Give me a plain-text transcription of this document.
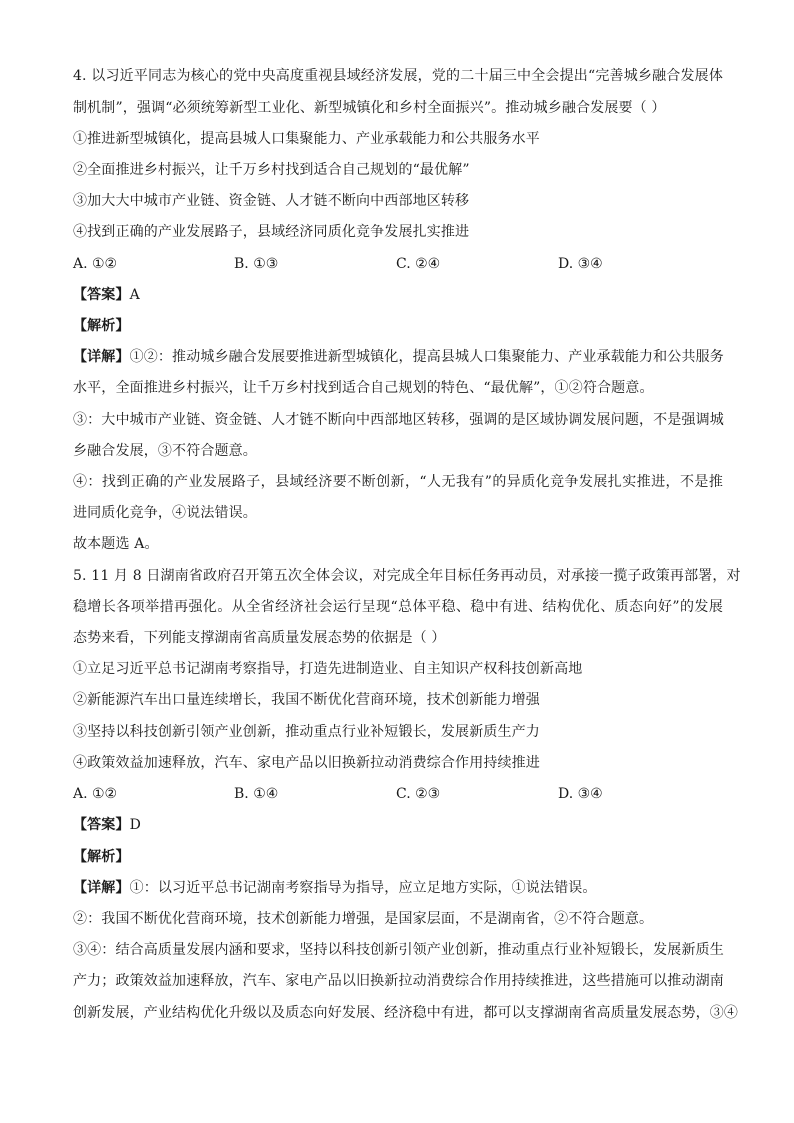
4. 以习近平同志为核心的党中央高度重视县域经济发展，党的二十届三中全会提出“完善城乡融合发展体
制机制”，强调“必须统筹新型工业化、新型城镇化和乡村全面振兴”。推动城乡融合发展要（ ）
①推进新型城镇化，提高县城人口集聚能力、产业承载能力和公共服务水平
②全面推进乡村振兴，让千万乡村找到适合自己规划的“最优解”
③加大大中城市产业链、资金链、人才链不断向中西部地区转移
④找到正确的产业发展路子，县域经济同质化竞争发展扎实推进
A. ①②	B. ①③	C. ②④	D. ③④
【答案】A
【解析】
【详解】①②：推动城乡融合发展要推进新型城镇化，提高县城人口集聚能力、产业承载能力和公共服务
水平，全面推进乡村振兴，让千万乡村找到适合自己规划的特色、“最优解”，①②符合题意。
③：大中城市产业链、资金链、人才链不断向中西部地区转移，强调的是区域协调发展问题，不是强调城
乡融合发展，③不符合题意。
④：找到正确的产业发展路子，县域经济要不断创新，“人无我有”的异质化竞争发展扎实推进，不是推
进同质化竞争，④说法错误。
故本题选 A。
5. 11 月 8 日湖南省政府召开第五次全体会议，对完成全年目标任务再动员，对承接一揽子政策再部署，对
稳增长各项举措再强化。从全省经济社会运行呈现“总体平稳、稳中有进、结构优化、质态向好”的发展
态势来看，下列能支撑湖南省高质量发展态势的依据是（ ）
①立足习近平总书记湖南考察指导，打造先进制造业、自主知识产权科技创新高地
②新能源汽车出口量连续增长，我国不断优化营商环境，技术创新能力增强
③坚持以科技创新引领产业创新，推动重点行业补短锻长，发展新质生产力
④政策效益加速释放，汽车、家电产品以旧换新拉动消费综合作用持续推进
A. ①②	B. ①④	C. ②③	D. ③④
【答案】D
【解析】
【详解】①：以习近平总书记湖南考察指导为指导，应立足地方实际，①说法错误。
②：我国不断优化营商环境，技术创新能力增强，是国家层面，不是湖南省，②不符合题意。
③④：结合高质量发展内涵和要求，坚持以科技创新引领产业创新，推动重点行业补短锻长，发展新质生
产力；政策效益加速释放，汽车、家电产品以旧换新拉动消费综合作用持续推进，这些措施可以推动湖南
创新发展，产业结构优化升级以及质态向好发展、经济稳中有进，都可以支撑湖南省高质量发展态势，③④
